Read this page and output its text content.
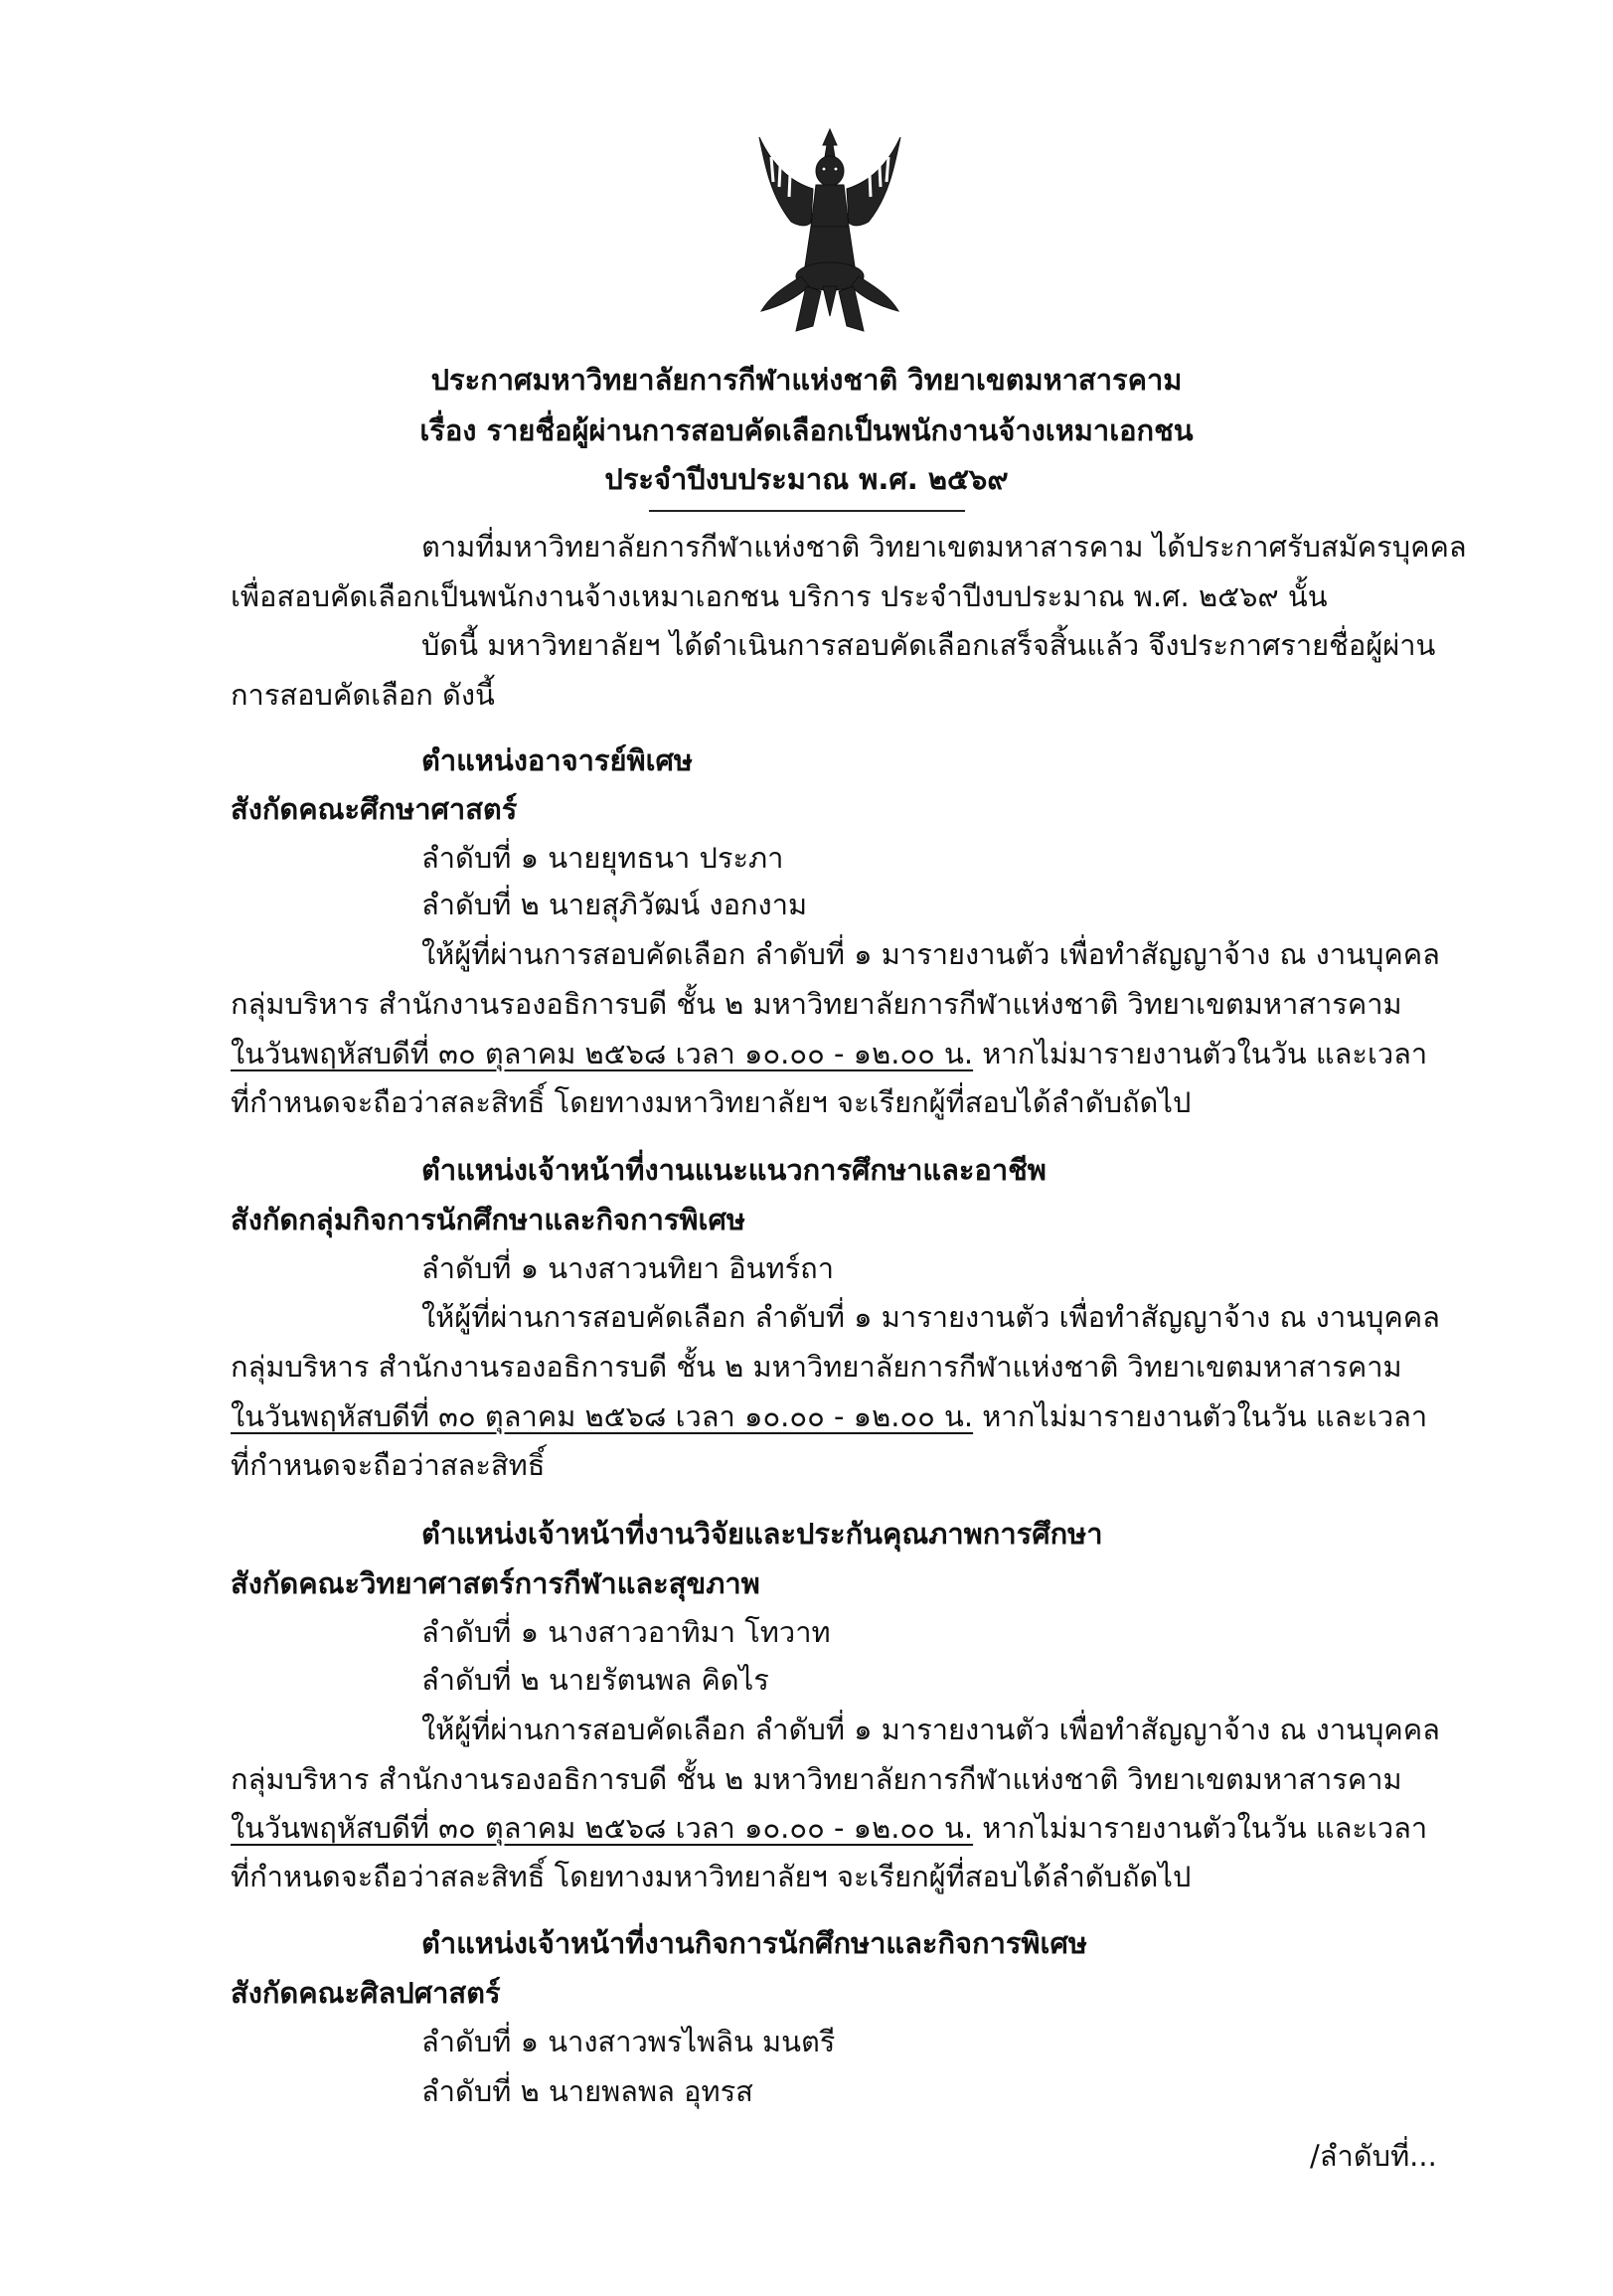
ประกาศมหาวิทยาลัยการกีฬาแห่งชาติ วิทยาเขตมหาสารคาม
เรื่อง รายชื่อผู้ผ่านการสอบคัดเลือกเป็นพนักงานจ้างเหมาเอกชน
ประจำปีงบประมาณ พ.ศ. ๒๕๖๙
ตามที่มหาวิทยาลัยการกีฬาแห่งชาติ วิทยาเขตมหาสารคาม ได้ประกาศรับสมัครบุคคล
เพื่อสอบคัดเลือกเป็นพนักงานจ้างเหมาเอกชน บริการ ประจำปีงบประมาณ พ.ศ. ๒๕๖๙ นั้น
บัดนี้ มหาวิทยาลัยฯ ได้ดำเนินการสอบคัดเลือกเสร็จสิ้นแล้ว จึงประกาศรายชื่อผู้ผ่าน
การสอบคัดเลือก ดังนี้
ตำแหน่งอาจารย์พิเศษ
สังกัดคณะศึกษาศาสตร์
ลำดับที่ ๑ นายยุทธนา ประภา
ลำดับที่ ๒ นายสุภิวัฒน์ งอกงาม
ให้ผู้ที่ผ่านการสอบคัดเลือก ลำดับที่ ๑ มารายงานตัว เพื่อทำสัญญาจ้าง ณ งานบุคคล
กลุ่มบริหาร สำนักงานรองอธิการบดี ชั้น ๒ มหาวิทยาลัยการกีฬาแห่งชาติ วิทยาเขตมหาสารคาม
ในวันพฤหัสบดีที่ ๓๐ ตุลาคม ๒๕๖๘ เวลา ๑๐.๐๐ - ๑๒.๐๐ น. หากไม่มารายงานตัวในวัน และเวลา
ที่กำหนดจะถือว่าสละสิทธิ์ โดยทางมหาวิทยาลัยฯ จะเรียกผู้ที่สอบได้ลำดับถัดไป
ตำแหน่งเจ้าหน้าที่งานแนะแนวการศึกษาและอาชีพ
สังกัดกลุ่มกิจการนักศึกษาและกิจการพิเศษ
ลำดับที่ ๑ นางสาวนทิยา อินทร์ถา
ให้ผู้ที่ผ่านการสอบคัดเลือก ลำดับที่ ๑ มารายงานตัว เพื่อทำสัญญาจ้าง ณ งานบุคคล
กลุ่มบริหาร สำนักงานรองอธิการบดี ชั้น ๒ มหาวิทยาลัยการกีฬาแห่งชาติ วิทยาเขตมหาสารคาม
ในวันพฤหัสบดีที่ ๓๐ ตุลาคม ๒๕๖๘ เวลา ๑๐.๐๐ - ๑๒.๐๐ น. หากไม่มารายงานตัวในวัน และเวลา
ที่กำหนดจะถือว่าสละสิทธิ์
ตำแหน่งเจ้าหน้าที่งานวิจัยและประกันคุณภาพการศึกษา
สังกัดคณะวิทยาศาสตร์การกีฬาและสุขภาพ
ลำดับที่ ๑ นางสาวอาทิมา โทวาท
ลำดับที่ ๒ นายรัตนพล คิดไร
ให้ผู้ที่ผ่านการสอบคัดเลือก ลำดับที่ ๑ มารายงานตัว เพื่อทำสัญญาจ้าง ณ งานบุคคล
กลุ่มบริหาร สำนักงานรองอธิการบดี ชั้น ๒ มหาวิทยาลัยการกีฬาแห่งชาติ วิทยาเขตมหาสารคาม
ในวันพฤหัสบดีที่ ๓๐ ตุลาคม ๒๕๖๘ เวลา ๑๐.๐๐ - ๑๒.๐๐ น. หากไม่มารายงานตัวในวัน และเวลา
ที่กำหนดจะถือว่าสละสิทธิ์ โดยทางมหาวิทยาลัยฯ จะเรียกผู้ที่สอบได้ลำดับถัดไป
ตำแหน่งเจ้าหน้าที่งานกิจการนักศึกษาและกิจการพิเศษ
สังกัดคณะศิลปศาสตร์
ลำดับที่ ๑ นางสาวพรไพลิน มนตรี
ลำดับที่ ๒ นายพลพล อุทรส
/ลำดับที่...
